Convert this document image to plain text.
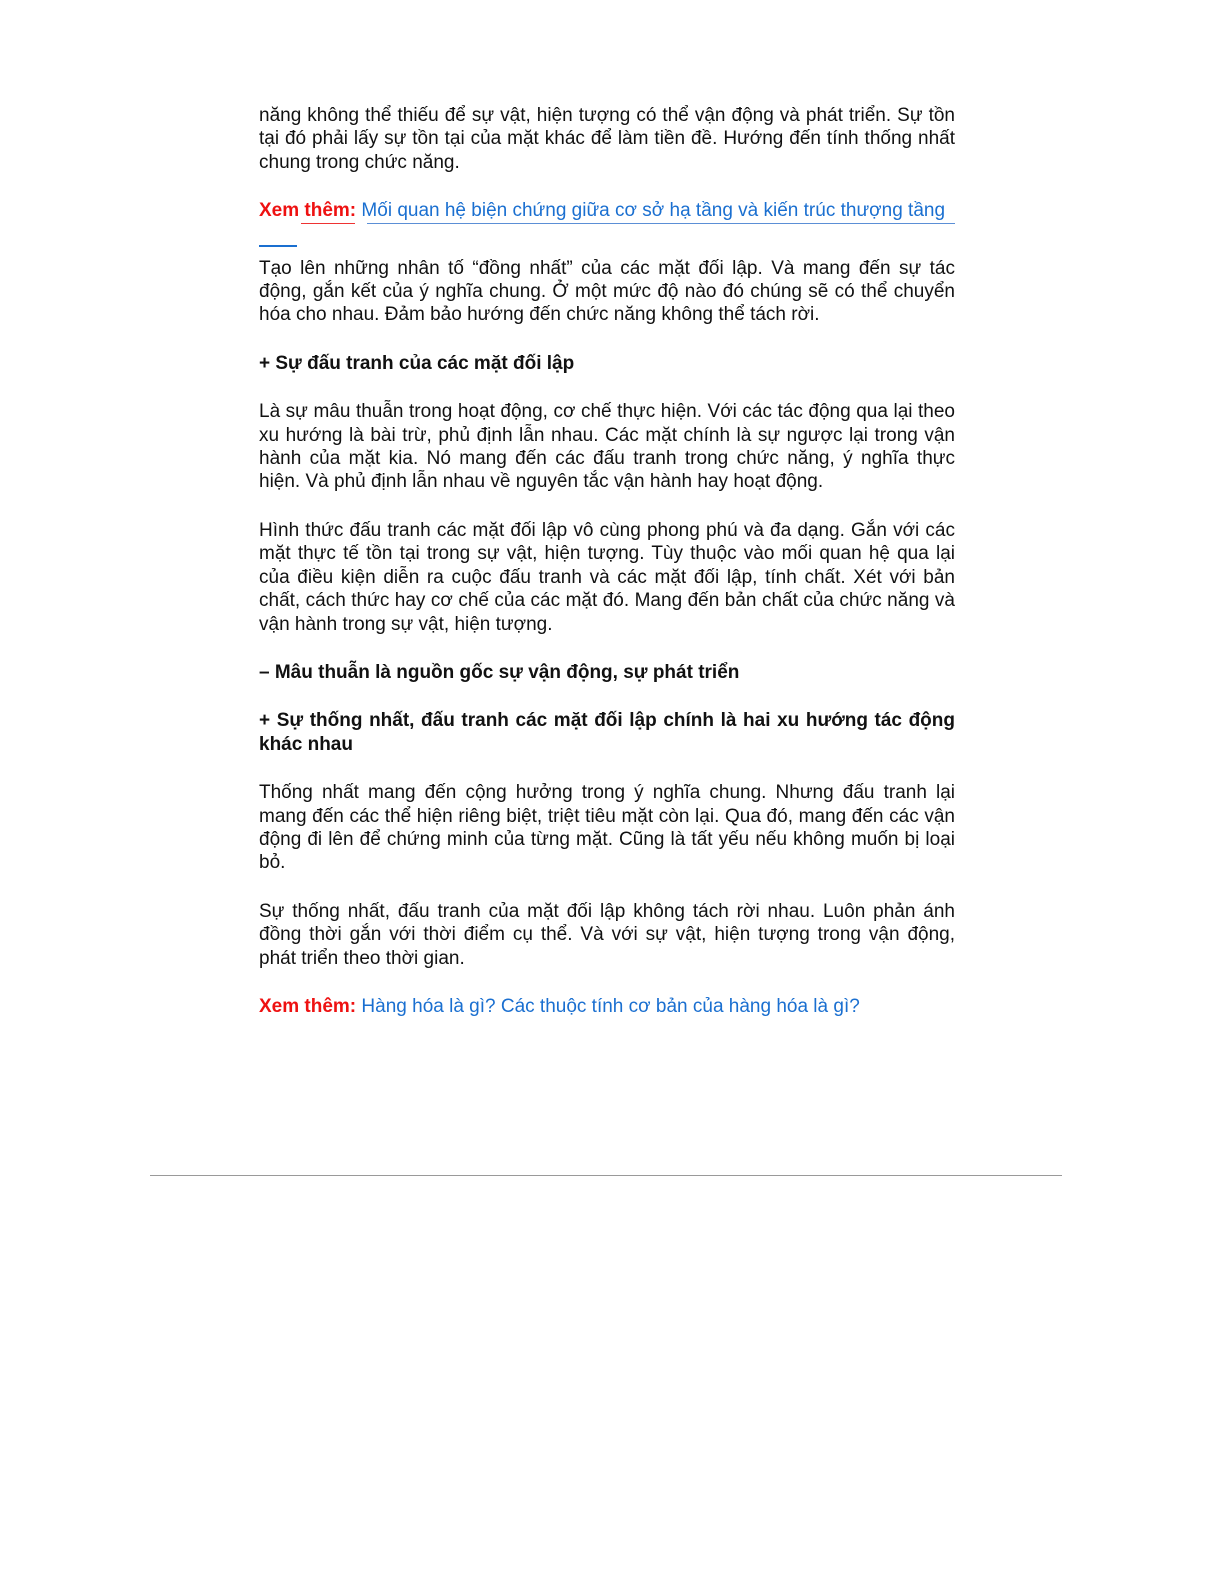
năng không thể thiếu để sự vật, hiện tượng có thể vận động và phát triển. Sự tồn tại đó phải lấy sự tồn tại của mặt khác để làm tiền đề. Hướng đến tính thống nhất chung trong chức năng.

Xem thêm: Mối quan hệ biện chứng giữa cơ sở hạ tầng và kiến trúc thượng tầng

Tạo lên những nhân tố “đồng nhất” của các mặt đối lập. Và mang đến sự tác động, gắn kết của ý nghĩa chung. Ở một mức độ nào đó chúng sẽ có thể chuyển hóa cho nhau. Đảm bảo hướng đến chức năng không thể tách rời.

+ Sự đấu tranh của các mặt đối lập

Là sự mâu thuẫn trong hoạt động, cơ chế thực hiện. Với các tác động qua lại theo xu hướng là bài trừ, phủ định lẫn nhau. Các mặt chính là sự ngược lại trong vận hành của mặt kia. Nó mang đến các đấu tranh trong chức năng, ý nghĩa thực hiện. Và phủ định lẫn nhau về nguyên tắc vận hành hay hoạt động.

Hình thức đấu tranh các mặt đối lập vô cùng phong phú và đa dạng. Gắn với các mặt thực tế tồn tại trong sự vật, hiện tượng. Tùy thuộc vào mối quan hệ qua lại của điều kiện diễn ra cuộc đấu tranh và các mặt đối lập, tính chất. Xét với bản chất, cách thức hay cơ chế của các mặt đó. Mang đến bản chất của chức năng và vận hành trong sự vật, hiện tượng.

– Mâu thuẫn là nguồn gốc sự vận động, sự phát triển

+ Sự thống nhất, đấu tranh các mặt đối lập chính là hai xu hướng tác động khác nhau

Thống nhất mang đến cộng hưởng trong ý nghĩa chung. Nhưng đấu tranh lại mang đến các thể hiện riêng biệt, triệt tiêu mặt còn lại. Qua đó, mang đến các vận động đi lên để chứng minh của từng mặt. Cũng là tất yếu nếu không muốn bị loại bỏ.

Sự thống nhất, đấu tranh của mặt đối lập không tách rời nhau. Luôn phản ánh đồng thời gắn với thời điểm cụ thể. Và với sự vật, hiện tượng trong vận động, phát triển theo thời gian.

Xem thêm: Hàng hóa là gì? Các thuộc tính cơ bản của hàng hóa là gì?
